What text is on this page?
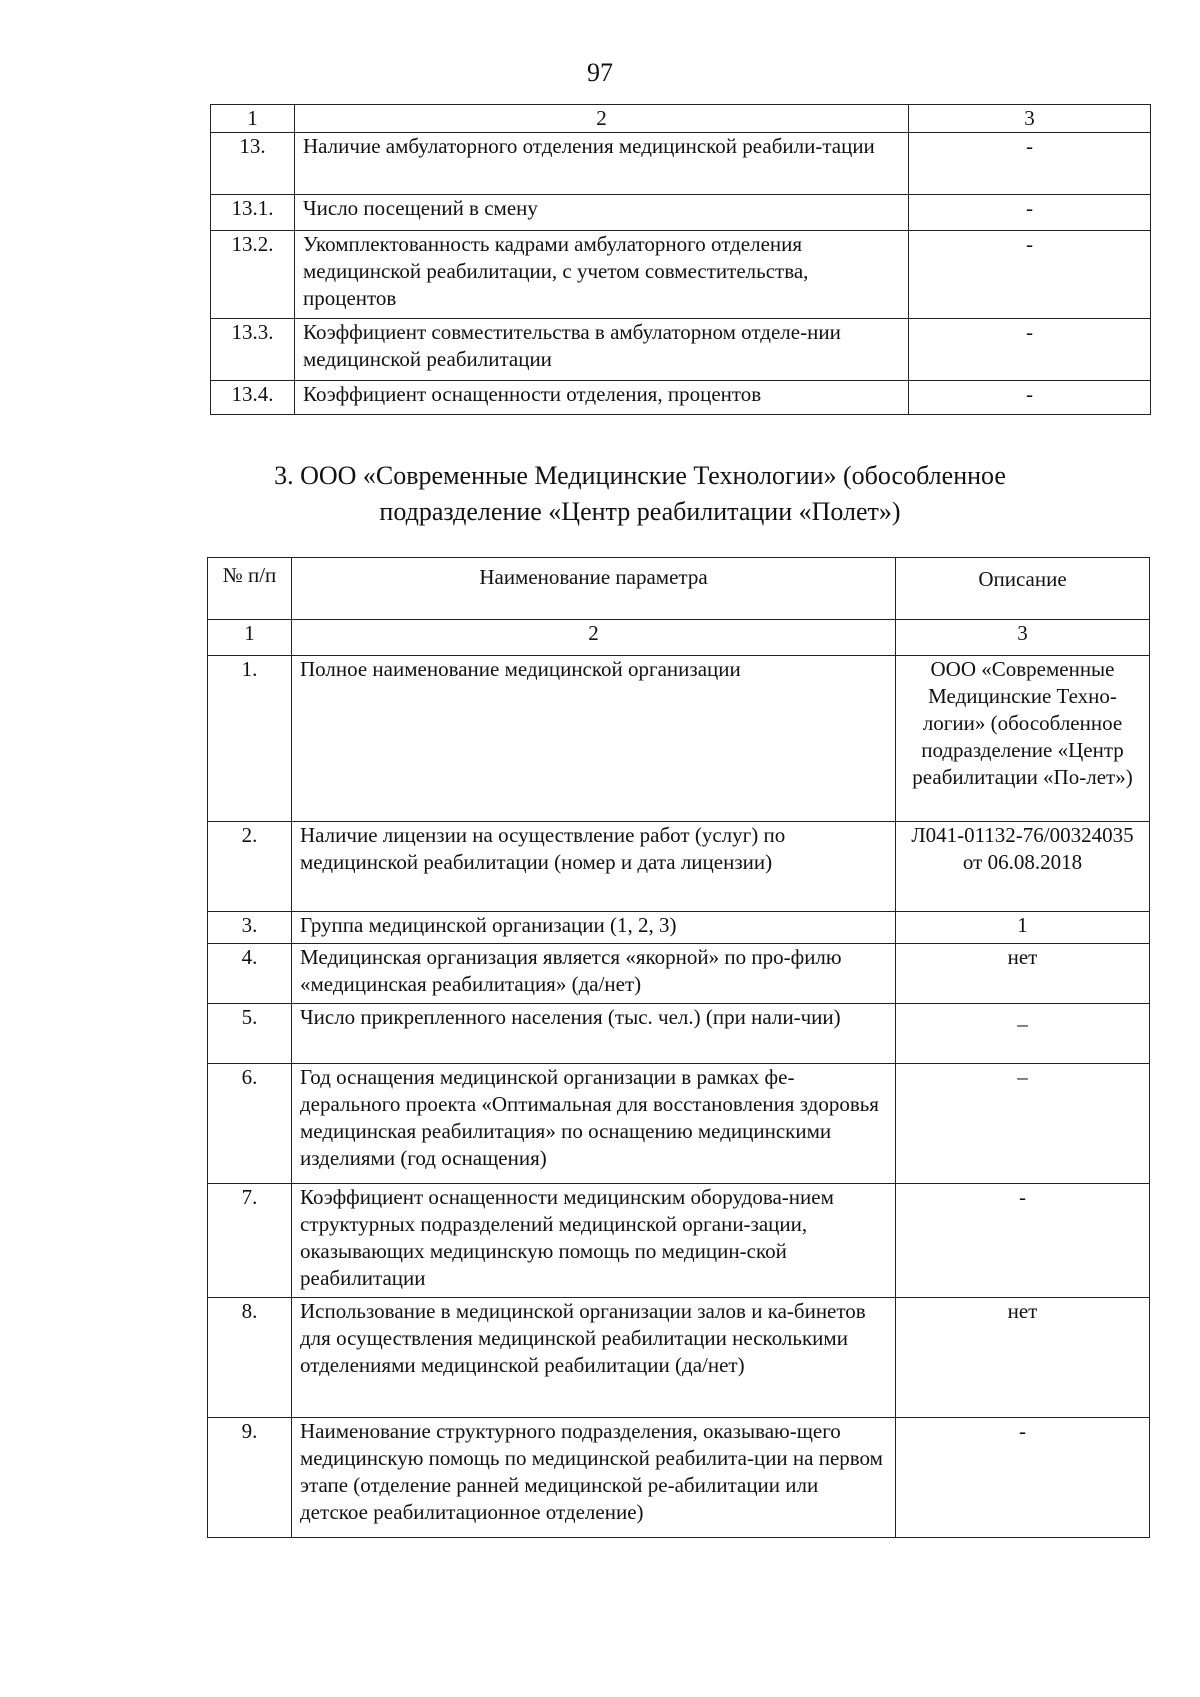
97
1	2	3
13.	Наличие амбулаторного отделения медицинской реабили-тации	-
13.1.	Число посещений в смену	-
13.2.	Укомплектованность кадрами амбулаторного отделения медицинской реабилитации, с учетом совместительства, процентов	-
13.3.	Коэффициент совместительства в амбулаторном отделе-нии медицинской реабилитации	-
13.4.	Коэффициент оснащенности отделения, процентов	-
3. ООО «Современные Медицинские Технологии» (обособленное
подразделение «Центр реабилитации «Полет»)
№ п/п	Наименование параметра	Описание
1	2	3
1.	Полное наименование медицинской организации	ООО «Современные Медицинские Техно-логии» (обособленное подразделение «Центр реабилитации «По-лет»)
2.	Наличие лицензии на осуществление работ (услуг) по медицинской реабилитации (номер и дата лицензии)	Л041-01132-76/00324035 от 06.08.2018
3.	Группа медицинской организации (1, 2, 3)	1
4.	Медицинская организация является «якорной» по про-филю «медицинская реабилитация» (да/нет)	нет
5.	Число прикрепленного населения (тыс. чел.) (при нали-чии)	_
6.	Год оснащения медицинской организации в рамках фе-дерального проекта «Оптимальная для восстановления здоровья медицинская реабилитация» по оснащению медицинскими изделиями (год оснащения)	–
7.	Коэффициент оснащенности медицинским оборудова-нием структурных подразделений медицинской органи-зации, оказывающих медицинскую помощь по медицин-ской реабилитации	-
8.	Использование в медицинской организации залов и ка-бинетов для осуществления медицинской реабилитации несколькими отделениями медицинской реабилитации (да/нет)	нет
9.	Наименование структурного подразделения, оказываю-щего медицинскую помощь по медицинской реабилита-ции на первом этапе (отделение ранней медицинской ре-абилитации или детское реабилитационное отделение)	-
